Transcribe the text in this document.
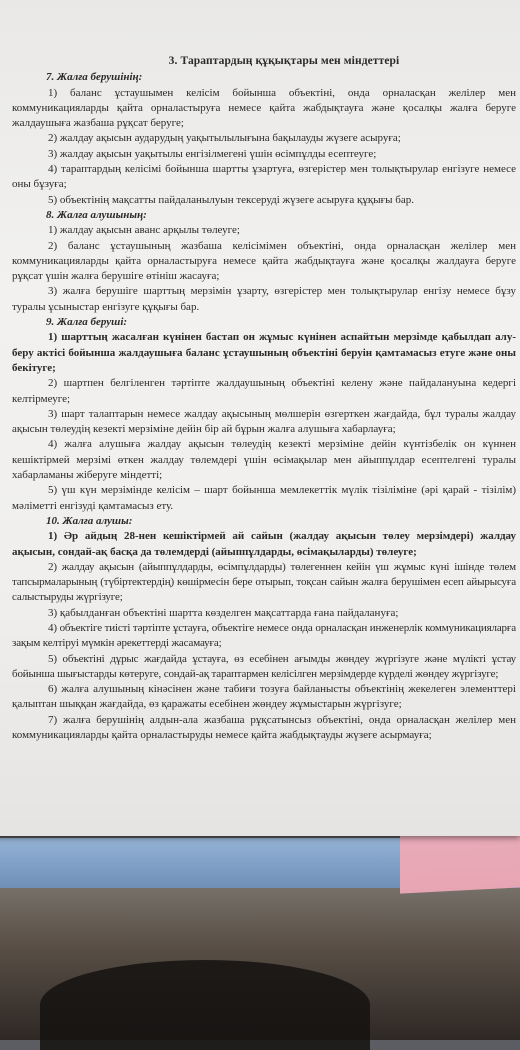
3. Тараптардың құқықтары мен міндеттері
7. Жалға берушінің:

1) баланс ұстаушымен келісім бойынша объектіні, онда орналасқан желілер мен коммуникацияларды қайта орналастыруға немесе қайта жабдықтауға және қосалқы жалға беруге жалдаушыға жазбаша рұқсат беруге;

2) жалдау ақысын аударудың уақытылылығына бақылауды жүзеге асыруға;

3) жалдау ақысын уақытылы енгізілмегені үшін өсімпұлды есептеуге;

4) тараптардың келісімі бойынша шартты ұзартуға, өзгерістер мен толықтырулар енгізуге немесе оны бұзуға;

5) объектінің мақсатты пайдаланылуын тексеруді жүзеге асыруға құқығы бар.

8. Жалға алушының:

1) жалдау ақысын аванс арқылы төлеуге;

2) баланс ұстаушының жазбаша келісімімен объектіні, онда орналасқан желілер мен коммуникацияларды қайта орналастыруға немесе қайта жабдықтауға және қосалқы жалдауға беруге рұқсат үшін жалға берушіге өтініш жасауға;

3) жалға берушіге шарттың мерзімін ұзарту, өзгерістер мен толықтырулар енгізу немесе бұзу туралы ұсыныстар енгізуге құқығы бар.

9. Жалға беруші:

1) шарттың жасалған күнінен бастап он жұмыс күнінен аспайтын мерзімде қабылдап алу-беру актісі бойынша жалдаушыға баланс ұстаушының объектіні беруін қамтамасыз етуге және оны бекітуге;

2) шартпен белгіленген тәртіпте жалдаушының объектіні келену және пайдалануына кедергі келтірмеуге;

3) шарт талаптарын немесе жалдау ақысының мөлшерін өзгерткен жағдайда, бұл туралы жалдау ақысын төлеудің кезекті мерзіміне дейін бір ай бұрын жалға алушыға хабарлауға;

4) жалға алушыға жалдау ақысын төлеудің кезекті мерзіміне дейін күнтізбелік он күннен кешіктірмей мерзімі өткен жалдау төлемдері үшін өсімақылар мен айыппұлдар есептелгені туралы хабарламаны жіберуге міндетті;

5) үш күн мерзімінде келісім – шарт бойынша мемлекеттік мүлік тізіліміне (әрі қарай - тізілім) мәліметті енгізуді қамтамасыз ету.

10. Жалға алушы:

1) Әр айдың 28-нен кешіктірмей ай сайын (жалдау ақысын төлеу мерзімдері) жалдау ақысын, сондай-ақ басқа да төлемдерді (айыппұлдарды, өсімақыларды) төлеуге;

2) жалдау ақысын (айыппұлдарды, өсімпұлдарды) төлегеннен кейін үш жұмыс күні ішінде төлем тапсырмаларының (түбіртектердің) көшірмесін бере отырып, тоқсан сайын жалға берушімен есеп айырысуға салыстыруды жүргізуге;

3) қабылданған объектіні шартта көзделген мақсаттарда ғана пайдалануға;

4) объектіге тиісті тәртіпте ұстауға, объектіге немесе онда орналасқан инженерлік коммуникацияларға зақым келтіруі мүмкін әрекеттерді жасамауға;

5) объектіні дұрыс жағдайда ұстауға, өз есебінен ағымды жөндеу жүргізуге және мүлікті ұстау бойынша шығыстарды көтеруге, сондай-ақ тараптармен келісілген мерзімдерде күрделі жөндеу жүргізуге;

6) жалға алушының кінәсінен және табиғи тозуға байланысты объектінің жекелеген элементтері қалыптан шыққан жағдайда, өз қаражаты есебінен жөндеу жұмыстарын жүргізуге;

7) жалға берушінің алдын-ала жазбаша рұқсатынсыз объектіні, онда орналасқан желілер мен коммуникацияларды қайта орналастыруды немесе қайта жабдықтауды жүзеге асырмауға;
